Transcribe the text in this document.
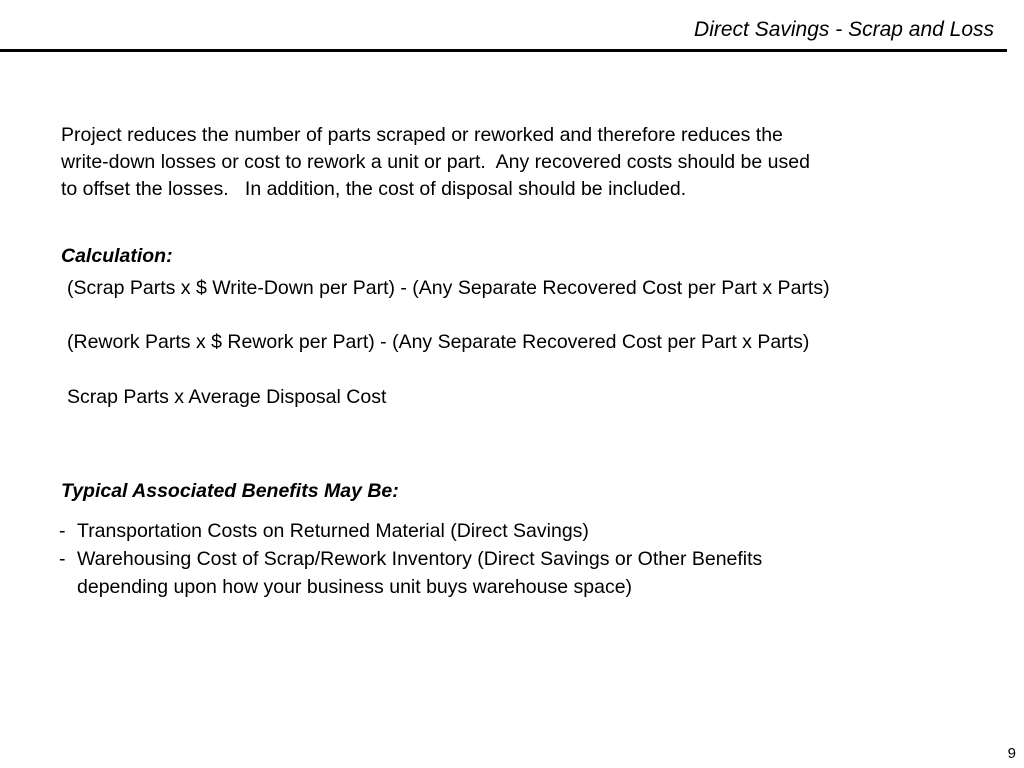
Direct Savings - Scrap and Loss
Project reduces the number of parts scraped or reworked and therefore reduces the
write-down losses or cost to rework a unit or part.  Any recovered costs should be used
to offset the losses.   In addition, the cost of disposal should be included.
Calculation:
(Scrap Parts x $ Write-Down per Part) - (Any Separate Recovered Cost per Part x Parts)
(Rework Parts x $ Rework per Part) - (Any Separate Recovered Cost per Part x Parts)
Scrap Parts x Average Disposal Cost
Typical Associated Benefits May Be:
- Transportation Costs on Returned Material (Direct Savings)
- Warehousing Cost of Scrap/Rework Inventory (Direct Savings or Other Benefits
depending upon how your business unit buys warehouse space)
9
